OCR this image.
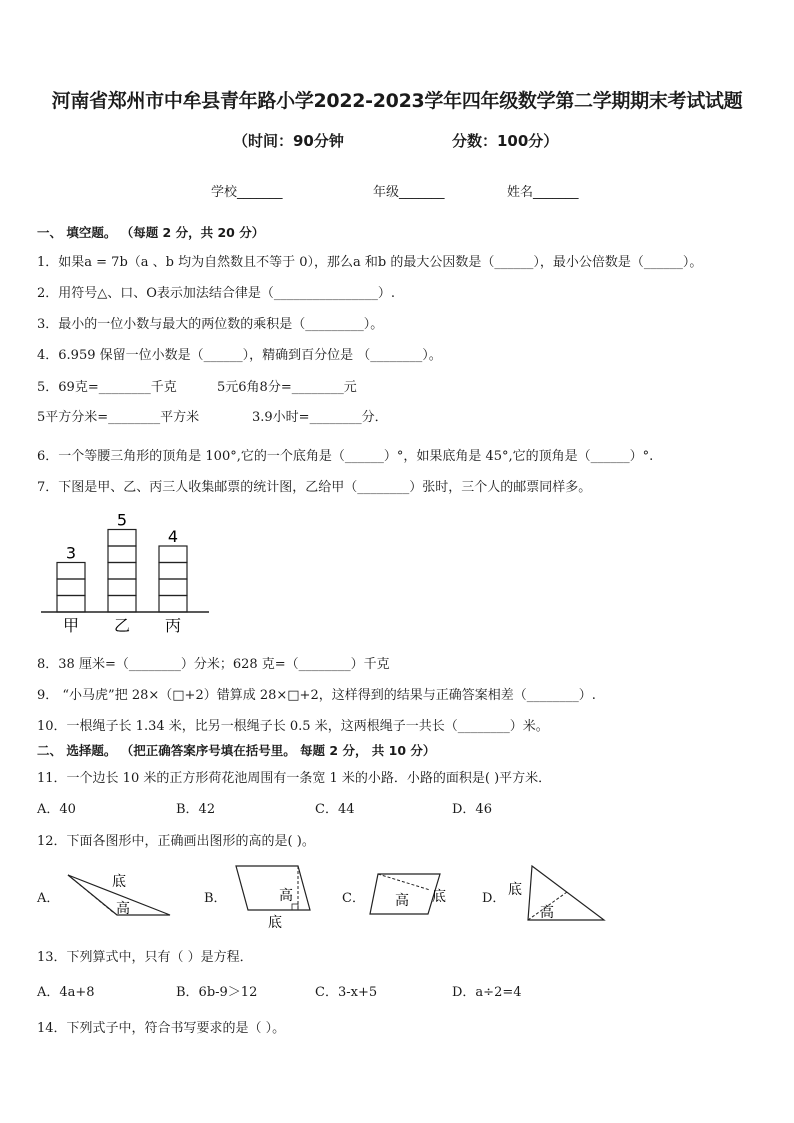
河南省郑州市中牟县青年路小学2022-2023学年四年级数学第二学期期末考试试题
（时间：90分钟	分数：100分）
学校_______	年级_______	姓名_______
一、 填空题。 （每题 2 分，共 20 分）
1．如果a = 7b（a 、b 均为自然数且不等于 0），那么a 和b 的最大公因数是（______），最小公倍数是（______）。
2．用符号△、口、O表示加法结合律是（________________）.
3．最小的一位小数与最大的两位数的乘积是（_________）。
4．6.959 保留一位小数是（______），精确到百分位是 （________）。
5．69克=________千克	5元6角8分=________元
5平方分米=________平方米	3.9小时=________分．
6．一个等腰三角形的顶角是 100°,它的一个底角是（______）°，如果底角是 45°,它的顶角是（______）°.
7．下图是甲、乙、丙三人收集邮票的统计图，乙给甲（________）张时，三个人的邮票同样多。
3
5
4
甲 乙 丙
8．38 厘米=（________）分米；628 克=（________）千克
9． “小马虎”把 28×（□+2）错算成 28×□+2，这样得到的结果与正确答案相差（________）.
10．一根绳子长 1.34 米，比另一根绳子长 0.5 米，这两根绳子一共长（________）米。
二、 选择题。 （把正确答案序号填在括号里。 每题 2 分， 共 10 分）
11．一个边长 10 米的正方形荷花池周围有一条宽 1 米的小路．小路的面积是( )平方米．
A．40	B．42	C．44	D．46
12．下面各图形中，正确画出图形的高的是( )。
A．
底
高
B．	高
底
C． 高 底	D．
底
高
13．下列算式中，只有（ ）是方程．
A．4a+8	B．6b-9＞12	C．3-x+5	D．a÷2=4
14．下列式子中，符合书写要求的是（ ）。
